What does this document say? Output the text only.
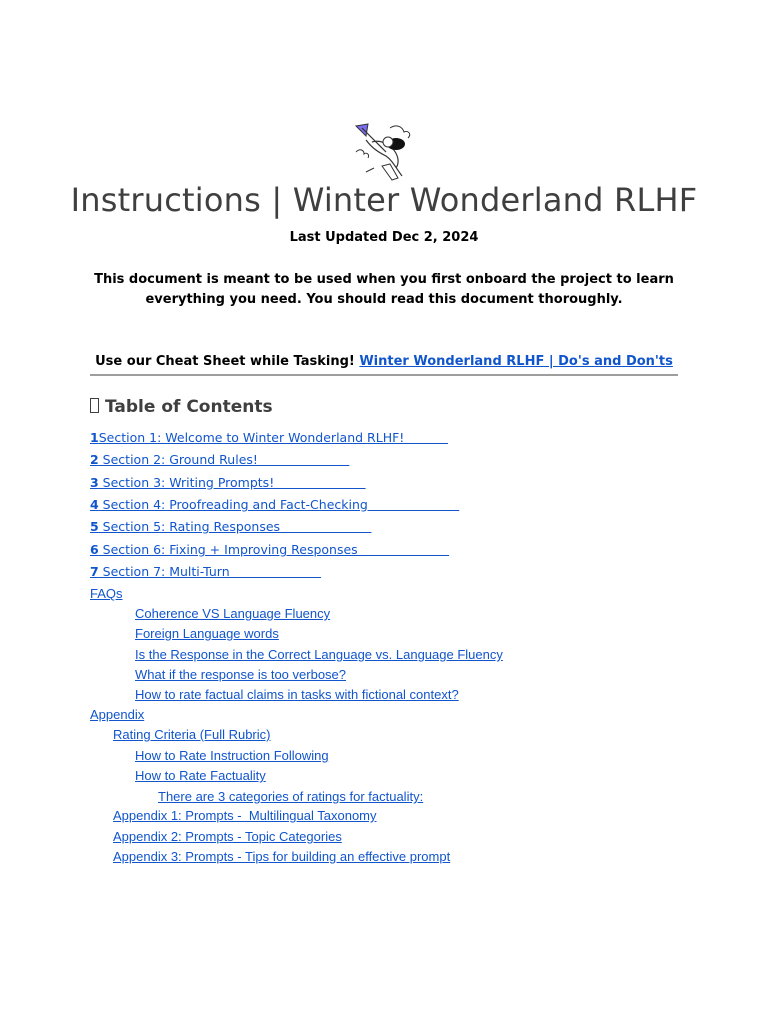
Instructions | Winter Wonderland RLHF
Last Updated Dec 2, 2024
This document is meant to be used when you first onboard the project to learn everything you need. You should read this document thoroughly.
Use our Cheat Sheet while Tasking! Winter Wonderland RLHF | Do's and Don'ts
Table of Contents
1Section 1: Welcome to Winter Wonderland RLHF!
2 Section 2: Ground Rules!
3 Section 3: Writing Prompts!
4 Section 4: Proofreading and Fact-Checking
5 Section 5: Rating Responses
6 Section 6: Fixing + Improving Responses
7 Section 7: Multi-Turn
FAQs
Coherence VS Language Fluency
Foreign Language words
Is the Response in the Correct Language vs. Language Fluency
What if the response is too verbose?
How to rate factual claims in tasks with fictional context?
Appendix
Rating Criteria (Full Rubric)
How to Rate Instruction Following
How to Rate Factuality
There are 3 categories of ratings for factuality:
Appendix 1: Prompts -  Multilingual Taxonomy
Appendix 2: Prompts - Topic Categories
Appendix 3: Prompts - Tips for building an effective prompt
